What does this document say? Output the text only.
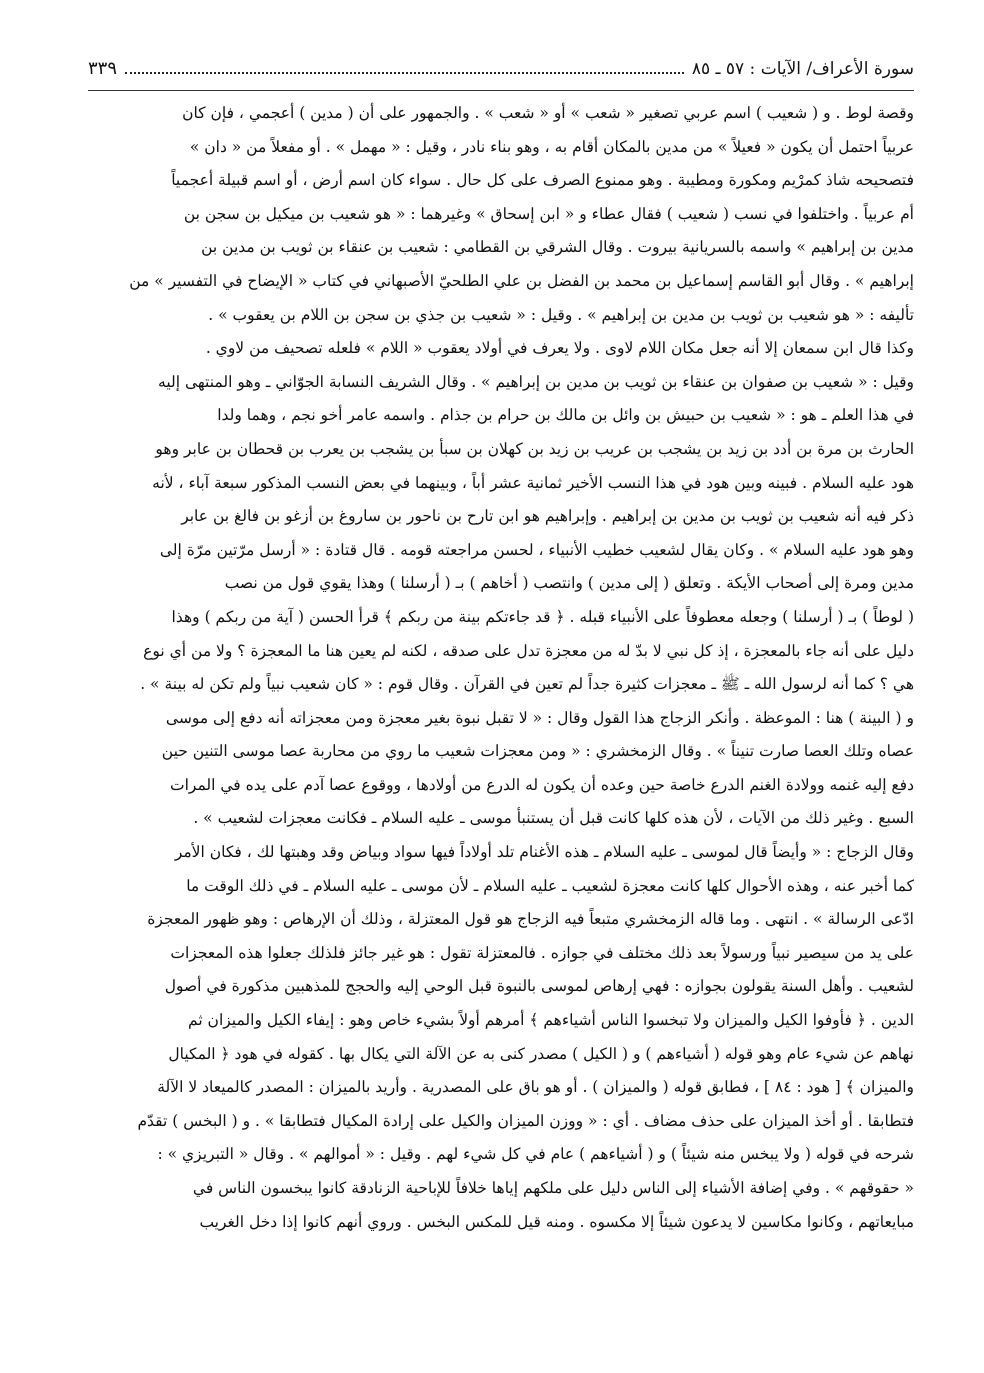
سورة الأعراف/ الآيات : ٥٧ ـ ٨٥
٣٣٩
وقصة لوط . و ( شعيب ) اسم عربي تصغير « شعب » أو « شعب » . والجمهور على أن ( مدين ) أعجمي ، فإن كان
عربياً احتمل أن يكون « فعيلاً » من مدين بالمكان أقام به ، وهو بناء نادر ، وقيل : « مهمل » . أو مفعلاً من « دان »
فتصحيحه شاذ كمرْيم ومكورة ومطيبة . وهو ممنوع الصرف على كل حال . سواء كان اسم أرض ، أو اسم قبيلة أعجمياً
أم عربياً . واختلفوا في نسب ( شعيب ) فقال عطاء و « ابن إسحاق » وغيرهما : « هو شعيب بن ميكيل بن سجن بن
مدين بن إبراهيم » واسمه بالسريانية بيروت . وقال الشرقي بن القطامي : شعيب بن عنقاء بن ثويب بن مدين بن
إبراهيم » . وقال أبو القاسم إسماعيل بن محمد بن الفضل بن علي الطلحيّ الأصبهاني في كتاب « الإيضاح في التفسير » من
تأليفه : « هو شعيب بن ثويب بن مدين بن إبراهيم » . وقيل : « شعيب بن جذي بن سجن بن اللام بن يعقوب » .
وكذا قال ابن سمعان إلا أنه جعل مكان اللام لاوى . ولا يعرف في أولاد يعقوب « اللام » فلعله تصحيف من لاوي .
وقيل : « شعيب بن صفوان بن عنقاء بن ثويب بن مدين بن إبراهيم » . وقال الشريف النسابة الجوّاني ـ وهو المنتهى إليه
في هذا العلم ـ هو : « شعيب بن حبيش بن وائل بن مالك بن حرام بن جذام . واسمه عامر أخو نجم ، وهما ولدا
الحارث بن مرة بن أدد بن زيد بن يشجب بن عريب بن زيد بن كهلان بن سبأ بن يشجب بن يعرب بن قحطان بن عابر وهو
هود عليه السلام . فبينه وبين هود في هذا النسب الأخير ثمانية عشر أباً ، وبينهما في بعض النسب المذكور سبعة آباء ، لأنه
ذكر فيه أنه شعيب بن ثويب بن مدين بن إبراهيم . وإبراهيم هو ابن تارح بن ناحور بن ساروغ بن أزغو بن فالغ بن عابر
وهو هود عليه السلام » . وكان يقال لشعيب خطيب الأنبياء ، لحسن مراجعته قومه . قال قتادة : « أرسل مرّتين مرّة إلى
مدين ومرة إلى أصحاب الأيكة . وتعلق ( إلى مدين ) وانتصب ( أخاهم ) بـ ( أرسلنا ) وهذا يقوي قول من نصب
( لوطاً ) بـ ( أرسلنا ) وجعله معطوفاً على الأنبياء قبله . ﴿ قد جاءتكم بينة من ربكم ﴾ قرأ الحسن ( آية من ربكم ) وهذا
دليل على أنه جاء بالمعجزة ، إذ كل نبي لا بدّ له من معجزة تدل على صدقه ، لكنه لم يعين هنا ما المعجزة ؟ ولا من أي نوع
هي ؟ كما أنه لرسول الله ـ ﷺ ـ معجزات كثيرة جداً لم تعين في القرآن . وقال قوم : « كان شعيب نبياً ولم تكن له بينة » .
و ( البينة ) هنا : الموعظة . وأنكر الزجاج هذا القول وقال : « لا تقبل نبوة بغير معجزة ومن معجزاته أنه دفع إلى موسى
عصاه وتلك العصا صارت تنيناً » . وقال الزمخشري : « ومن معجزات شعيب ما روي من محاربة عصا موسى التنين حين
دفع إليه غنمه وولادة الغنم الدرع خاصة حين وعده أن يكون له الدرع من أولادها ، ووقوع عصا آدم على يده في المرات
السبع . وغير ذلك من الآيات ، لأن هذه كلها كانت قبل أن يستنبأ موسى ـ عليه السلام ـ فكانت معجزات لشعيب » .
وقال الزجاج : « وأيضاً قال لموسى ـ عليه السلام ـ هذه الأغنام تلد أولاداً فيها سواد وبياض وقد وهبتها لك ، فكان الأمر
كما أخبر عنه ، وهذه الأحوال كلها كانت معجزة لشعيب ـ عليه السلام ـ لأن موسى ـ عليه السلام ـ في ذلك الوقت ما
ادّعى الرسالة » . انتهى . وما قاله الزمخشري متبعاً فيه الزجاج هو قول المعتزلة ، وذلك أن الإرهاص : وهو ظهور المعجزة
على يد من سيصير نبياً ورسولاً بعد ذلك مختلف في جوازه . فالمعتزلة تقول : هو غير جائز فلذلك جعلوا هذه المعجزات
لشعيب . وأهل السنة يقولون بجوازه : فهي إرهاص لموسى بالنبوة قبل الوحي إليه والحجج للمذهبين مذكورة في أصول
الدين . ﴿ فأوفوا الكيل والميزان ولا تبخسوا الناس أشياءهم ﴾ أمرهم أولاً بشيء خاص وهو : إيفاء الكيل والميزان ثم
نهاهم عن شيء عام وهو قوله ( أشياءهم ) و ( الكيل ) مصدر كنى به عن الآلة التي يكال بها . كقوله في هود ﴿ المكيال
والميزان ﴾ [ هود : ٨٤ ] ، فطابق قوله ( والميزان ) . أو هو باق على المصدرية . وأريد بالميزان : المصدر كالميعاد لا الآلة
فتطابقا . أو أخذ الميزان على حذف مضاف . أي : « ووزن الميزان والكيل على إرادة المكيال فتطابقا » . و ( البخس ) تقدّم
شرحه في قوله ( ولا يبخس منه شيئاً ) و ( أشياءهم ) عام في كل شيء لهم . وقيل : « أموالهم » . وقال « التبريزي » :
« حقوقهم » . وفي إضافة الأشياء إلى الناس دليل على ملكهم إياها خلافاً للإباحية الزنادقة كانوا يبخسون الناس في
مبايعاتهم ، وكانوا مكاسين لا يدعون شيئاً إلا مكسوه . ومنه قيل للمكس البخس . وروي أنهم كانوا إذا دخل الغريب
